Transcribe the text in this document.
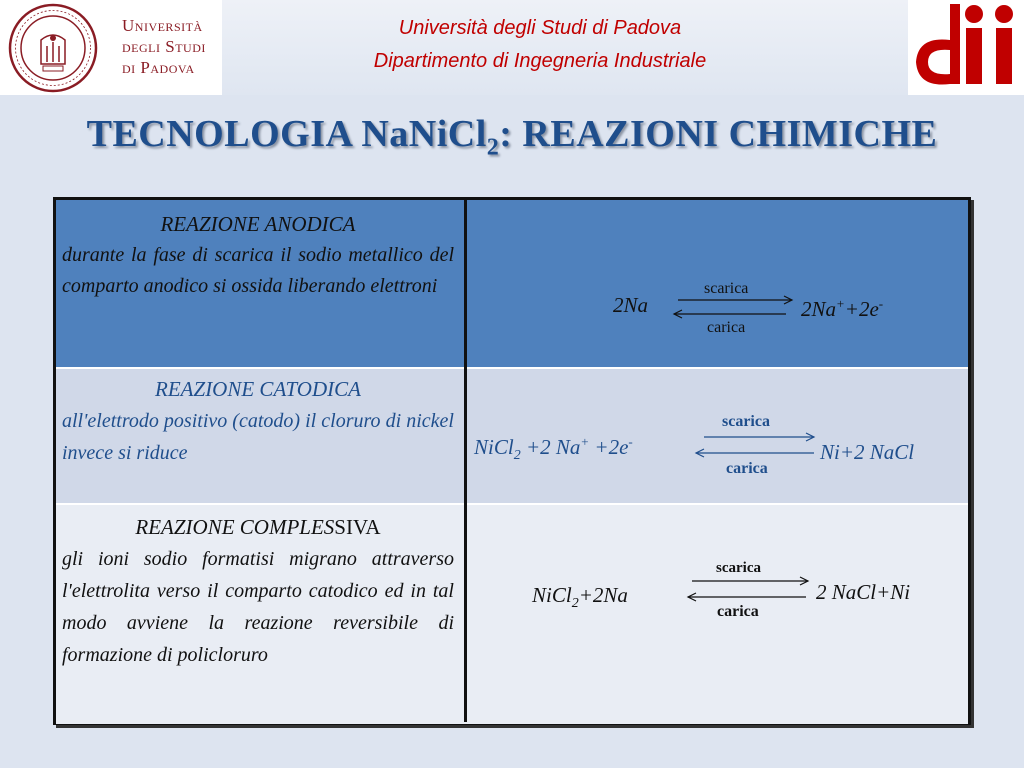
Università
degli Studi
di Padova
Università degli Studi di Padova
Dipartimento di Ingegneria Industriale
TECNOLOGIA NaNiCl$_2$: REAZIONI CHIMICHE
REAZIONE ANODICA
durante la fase di scarica il sodio metallico del comparto anodico si ossida liberando elettroni
2Na
scarica
carica
2Na++2e-
REAZIONE CATODICA
all'elettrodo positivo (catodo) il cloruro di nickel invece si riduce	NiCl$_2$ +2 Na+ +2e-
scarica
carica
Ni+2 NaCl
REAZIONE COMPLESSIVA
gli ioni sodio formatisi migrano attraverso l'elettrolita verso il comparto catodico ed in tal modo avviene la reazione reversibile di formazione di policloruro
NiCl$_2$+2Na
scarica
carica
2 NaCl+Ni
